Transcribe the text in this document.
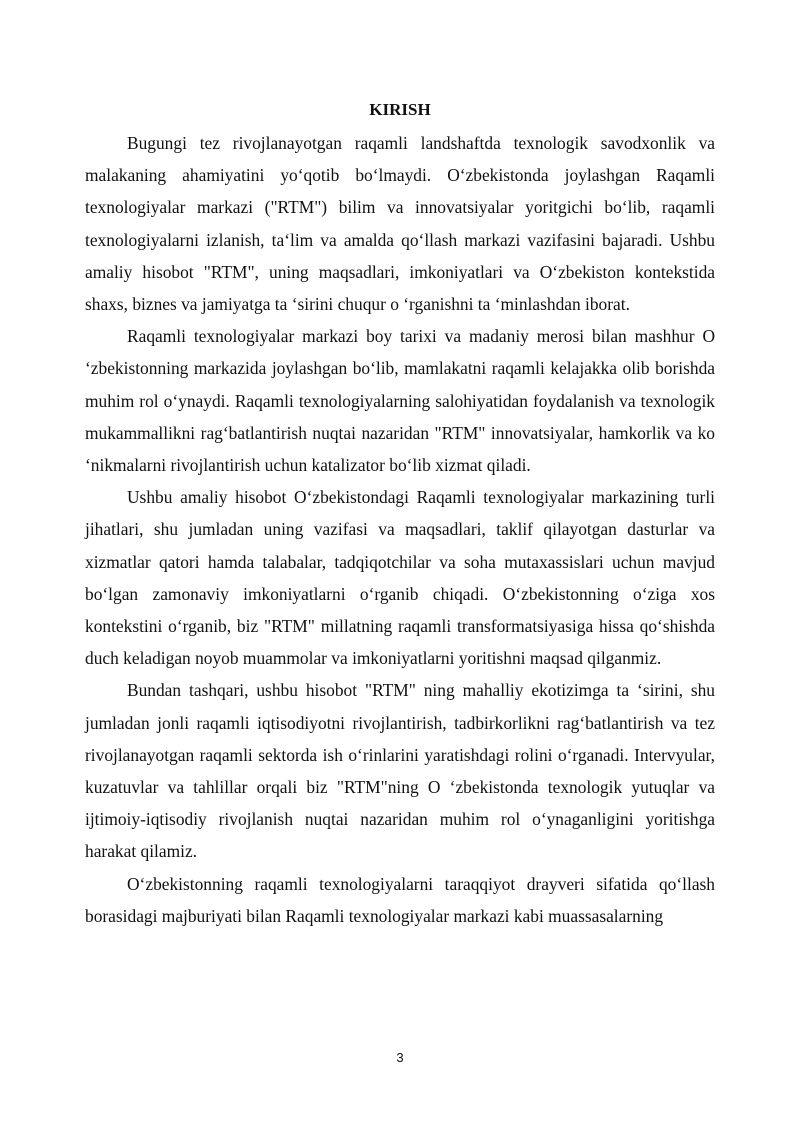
KIRISH

Bugungi tez rivojlanayotgan raqamli landshaftda texnologik savodxonlik va malakaning ahamiyatini yo‘qotib bo‘lmaydi. O‘zbekistonda joylashgan Raqamli texnologiyalar markazi ("RTM") bilim va innovatsiyalar yoritgichi bo‘lib, raqamli texnologiyalarni izlanish, ta‘lim va amalda qo‘llash markazi vazifasini bajaradi. Ushbu amaliy hisobot "RTM", uning maqsadlari, imkoniyatlari va O‘zbekiston kontekstida shaxs, biznes va jamiyatga ta ‘sirini chuqur o ‘rganishni ta ‘minlashdan iborat.

Raqamli texnologiyalar markazi boy tarixi va madaniy merosi bilan mashhur O ‘zbekistonning markazida joylashgan bo‘lib, mamlakatni raqamli kelajakka olib borishda muhim rol o‘ynaydi. Raqamli texnologiyalarning salohiyatidan foydalanish va texnologik mukammallikni rag‘batlantirish nuqtai nazaridan "RTM" innovatsiyalar, hamkorlik va ko ‘nikmalarni rivojlantirish uchun katalizator bo‘lib xizmat qiladi.

Ushbu amaliy hisobot O‘zbekistondagi Raqamli texnologiyalar markazining turli jihatlari, shu jumladan uning vazifasi va maqsadlari, taklif qilayotgan dasturlar va xizmatlar qatori hamda talabalar, tadqiqotchilar va soha mutaxassislari uchun mavjud bo‘lgan zamonaviy imkoniyatlarni o‘rganib chiqadi. O‘zbekistonning o‘ziga xos kontekstini o‘rganib, biz "RTM" millatning raqamli transformatsiyasiga hissa qo‘shishda duch keladigan noyob muammolar va imkoniyatlarni yoritishni maqsad qilganmiz.

Bundan tashqari, ushbu hisobot "RTM" ning mahalliy ekotizimga ta ‘sirini, shu jumladan jonli raqamli iqtisodiyotni rivojlantirish, tadbirkorlikni rag‘batlantirish va tez rivojlanayotgan raqamli sektorda ish o‘rinlarini yaratishdagi rolini o‘rganadi. Intervyular, kuzatuvlar va tahlillar orqali biz "RTM"ning O ‘zbekistonda texnologik yutuqlar va ijtimoiy-iqtisodiy rivojlanish nuqtai nazaridan muhim rol o‘ynaganligini yoritishga harakat qilamiz.

O‘zbekistonning raqamli texnologiyalarni taraqqiyot drayveri sifatida qo‘llash borasidagi majburiyati bilan Raqamli texnologiyalar markazi kabi muassasalarning

3
